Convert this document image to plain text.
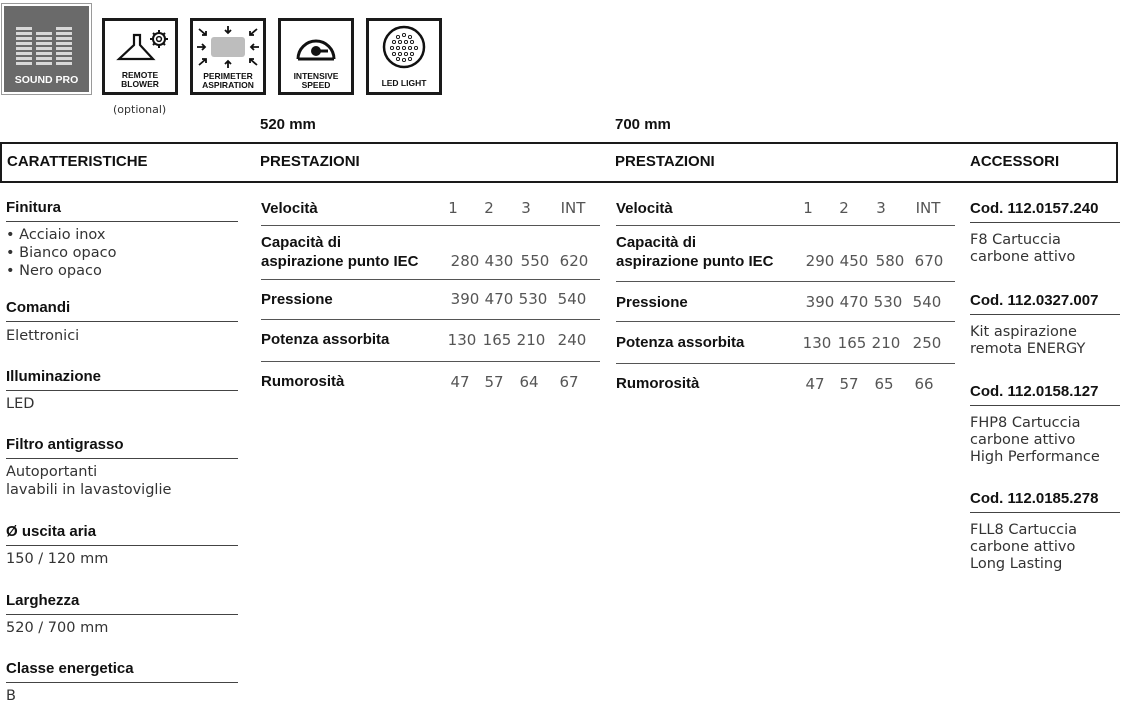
SOUND PRO	REMOTE
BLOWER
PERIMETER
ASPIRATION
INTENSIVE
SPEED	LED LIGHT
(optional)
520 mm	700 mm
CARATTERISTICHE	PRESTAZIONI	PRESTAZIONI	ACCESSORI
Finitura
• Acciaio inox
• Bianco opaco
• Nero opaco
Comandi
Elettronici
Illuminazione
LED
Filtro antigrasso
Autoportanti
lavabili in lavastoviglie
Ø uscita aria
150 / 120 mm
Larghezza
520 / 700 mm
Classe energetica
B
Velocità	1	2	3	INT
Capacità di
aspirazione punto IEC 280 430 550 620
Pressione	390 470 530 540
Potenza assorbita	130 165 210 240
Rumorosità	47 57	64	67
Velocità	1	2	3	INT
Capacità di
aspirazione punto IEC 290 450 580 670
Pressione	390 470 530 540
Potenza assorbita	130 165 210 250
Rumorosità	47 57	65	66
Cod. 112.0157.240
F8 Cartuccia
carbone attivo
Cod. 112.0327.007
Kit aspirazione
remota ENERGY
Cod. 112.0158.127
FHP8 Cartuccia
carbone attivo
High Performance
Cod. 112.0185.278
FLL8 Cartuccia
carbone attivo
Long Lasting
